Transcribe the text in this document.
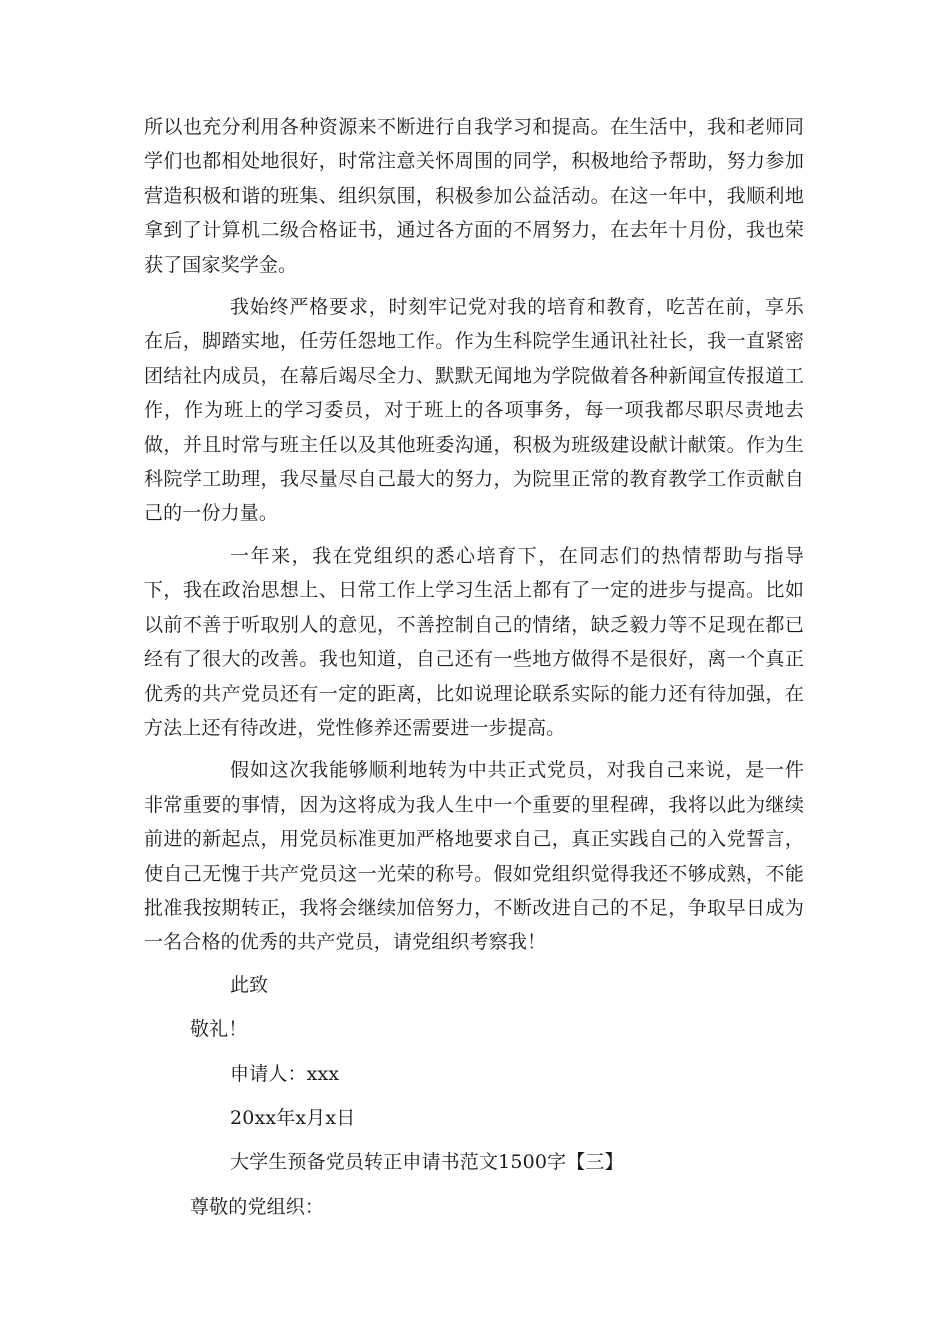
所以也充分利用各种资源来不断进行自我学习和提高。在生活中，我和老师同学们也都相处地很好，时常注意关怀周围的同学，积极地给予帮助，努力参加营造积极和谐的班集、组织氛围，积极参加公益活动。在这一年中，我顺利地拿到了计算机二级合格证书，通过各方面的不屑努力，在去年十月份，我也荣获了国家奖学金。

我始终严格要求，时刻牢记党对我的培育和教育，吃苦在前，享乐在后，脚踏实地，任劳任怨地工作。作为生科院学生通讯社社长，我一直紧密团结社内成员，在幕后竭尽全力、默默无闻地为学院做着各种新闻宣传报道工作，作为班上的学习委员，对于班上的各项事务，每一项我都尽职尽责地去做，并且时常与班主任以及其他班委沟通，积极为班级建设献计献策。作为生科院学工助理，我尽量尽自己最大的努力，为院里正常的教育教学工作贡献自己的一份力量。

一年来，我在党组织的悉心培育下，在同志们的热情帮助与指导下，我在政治思想上、日常工作上学习生活上都有了一定的进步与提高。比如以前不善于听取别人的意见，不善控制自己的情绪，缺乏毅力等不足现在都已经有了很大的改善。我也知道，自己还有一些地方做得不是很好，离一个真正优秀的共产党员还有一定的距离，比如说理论联系实际的能力还有待加强，在方法上还有待改进，党性修养还需要进一步提高。

假如这次我能够顺利地转为中共正式党员，对我自己来说，是一件非常重要的事情，因为这将成为我人生中一个重要的里程碑，我将以此为继续前进的新起点，用党员标准更加严格地要求自己，真正实践自己的入党誓言，使自己无愧于共产党员这一光荣的称号。假如党组织觉得我还不够成熟，不能批准我按期转正，我将会继续加倍努力，不断改进自己的不足，争取早日成为一名合格的优秀的共产党员，请党组织考察我！

此致

敬礼！

申请人：xxx

20xx年x月x日

大学生预备党员转正申请书范文1500字【三】

尊敬的党组织：
